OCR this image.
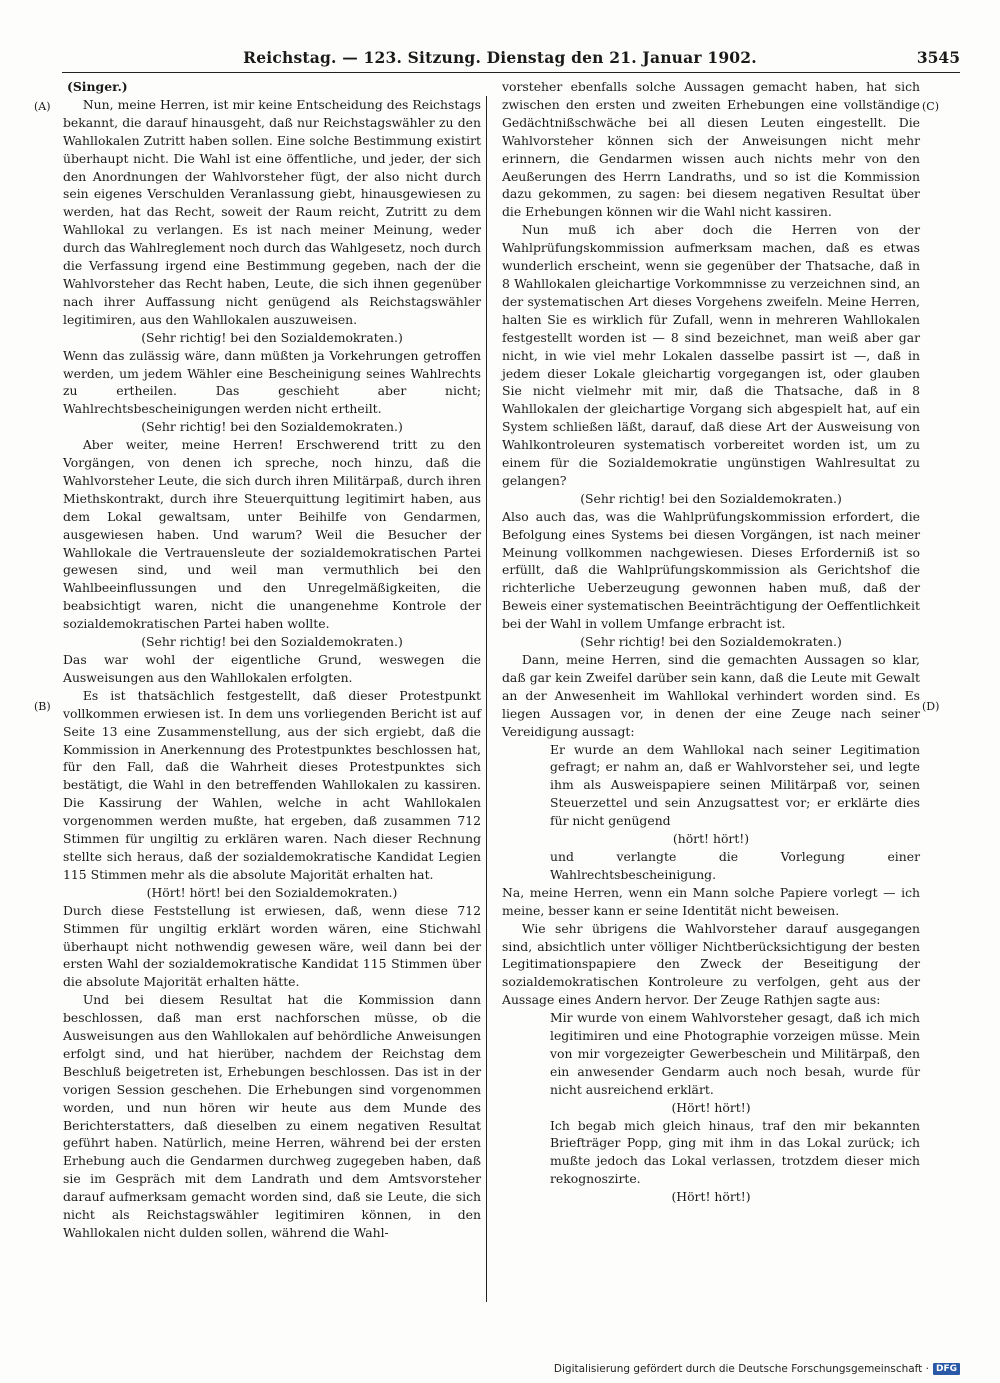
Reichstag. — 123. Sitzung. Dienstag den 21. Januar 1902.	3545
(A)
(B)
(C)
(D)
(Singer.)

Nun, meine Herren, ist mir keine Entscheidung des Reichstags bekannt, die darauf hinausgeht, daß nur Reichstagswähler zu den Wahllokalen Zutritt haben sollen. Eine solche Bestimmung existirt überhaupt nicht. Die Wahl ist eine öffentliche, und jeder, der sich den Anordnungen der Wahlvorsteher fügt, der also nicht durch sein eigenes Verschulden Veranlassung giebt, hinausgewiesen zu werden, hat das Recht, soweit der Raum reicht, Zutritt zu dem Wahllokal zu verlangen. Es ist nach meiner Meinung, weder durch das Wahlreglement noch durch das Wahlgesetz, noch durch die Verfassung irgend eine Bestimmung gegeben, nach der die Wahlvorsteher das Recht haben, Leute, die sich ihnen gegenüber nach ihrer Auffassung nicht genügend als Reichstagswähler legitimiren, aus den Wahllokalen auszuweisen.

(Sehr richtig! bei den Sozialdemokraten.)

Wenn das zulässig wäre, dann müßten ja Vorkehrungen getroffen werden, um jedem Wähler eine Bescheinigung seines Wahlrechts zu ertheilen. Das geschieht aber nicht; Wahlrechtsbescheinigungen werden nicht ertheilt.

(Sehr richtig! bei den Sozialdemokraten.)

Aber weiter, meine Herren! Erschwerend tritt zu den Vorgängen, von denen ich spreche, noch hinzu, daß die Wahlvorsteher Leute, die sich durch ihren Militärpaß, durch ihren Miethskontrakt, durch ihre Steuerquittung legitimirt haben, aus dem Lokal gewaltsam, unter Beihilfe von Gendarmen, ausgewiesen haben. Und warum? Weil die Besucher der Wahllokale die Vertrauensleute der sozialdemokratischen Partei gewesen sind, und weil man vermuthlich bei den Wahlbeeinflussungen und den Unregelmäßigkeiten, die beabsichtigt waren, nicht die unangenehme Kontrole der sozialdemokratischen Partei haben wollte.

(Sehr richtig! bei den Sozialdemokraten.)

Das war wohl der eigentliche Grund, weswegen die Ausweisungen aus den Wahllokalen erfolgten.

Es ist thatsächlich festgestellt, daß dieser Protestpunkt vollkommen erwiesen ist. In dem uns vorliegenden Bericht ist auf Seite 13 eine Zusammenstellung, aus der sich ergiebt, daß die Kommission in Anerkennung des Protestpunktes beschlossen hat, für den Fall, daß die Wahrheit dieses Protestpunktes sich bestätigt, die Wahl in den betreffenden Wahllokalen zu kassiren. Die Kassirung der Wahlen, welche in acht Wahllokalen vorgenommen werden mußte, hat ergeben, daß zusammen 712 Stimmen für ungiltig zu erklären waren. Nach dieser Rechnung stellte sich heraus, daß der sozialdemokratische Kandidat Legien 115 Stimmen mehr als die absolute Majorität erhalten hat.

(Hört! hört! bei den Sozialdemokraten.)

Durch diese Feststellung ist erwiesen, daß, wenn diese 712 Stimmen für ungiltig erklärt worden wären, eine Stichwahl überhaupt nicht nothwendig gewesen wäre, weil dann bei der ersten Wahl der sozialdemokratische Kandidat 115 Stimmen über die absolute Majorität erhalten hätte.

Und bei diesem Resultat hat die Kommission dann beschlossen, daß man erst nachforschen müsse, ob die Ausweisungen aus den Wahllokalen auf behördliche Anweisungen erfolgt sind, und hat hierüber, nachdem der Reichstag dem Beschluß beigetreten ist, Erhebungen beschlossen. Das ist in der vorigen Session geschehen. Die Erhebungen sind vorgenommen worden, und nun hören wir heute aus dem Munde des Berichterstatters, daß dieselben zu einem negativen Resultat geführt haben. Natürlich, meine Herren, während bei der ersten Erhebung auch die Gendarmen durchweg zugegeben haben, daß sie im Gespräch mit dem Landrath und dem Amtsvorsteher darauf aufmerksam gemacht worden sind, daß sie Leute, die sich nicht als Reichstagswähler legitimiren können, in den Wahllokalen nicht dulden sollen, während die Wahl-

vorsteher ebenfalls solche Aussagen gemacht haben, hat sich zwischen den ersten und zweiten Erhebungen eine vollständige Gedächtnißschwäche bei all diesen Leuten eingestellt. Die Wahlvorsteher können sich der Anweisungen nicht mehr erinnern, die Gendarmen wissen auch nichts mehr von den Aeußerungen des Herrn Landraths, und so ist die Kommission dazu gekommen, zu sagen: bei diesem negativen Resultat über die Erhebungen können wir die Wahl nicht kassiren.

Nun muß ich aber doch die Herren von der Wahlprüfungskommission aufmerksam machen, daß es etwas wunderlich erscheint, wenn sie gegenüber der Thatsache, daß in 8 Wahllokalen gleichartige Vorkommnisse zu verzeichnen sind, an der systematischen Art dieses Vorgehens zweifeln. Meine Herren, halten Sie es wirklich für Zufall, wenn in mehreren Wahllokalen festgestellt worden ist — 8 sind bezeichnet, man weiß aber gar nicht, in wie viel mehr Lokalen dasselbe passirt ist —, daß in jedem dieser Lokale gleichartig vorgegangen ist, oder glauben Sie nicht vielmehr mit mir, daß die Thatsache, daß in 8 Wahllokalen der gleichartige Vorgang sich abgespielt hat, auf ein System schließen läßt, darauf, daß diese Art der Ausweisung von Wahlkontroleuren systematisch vorbereitet worden ist, um zu einem für die Sozialdemokratie ungünstigen Wahlresultat zu gelangen?

(Sehr richtig! bei den Sozialdemokraten.)

Also auch das, was die Wahlprüfungskommission erfordert, die Befolgung eines Systems bei diesen Vorgängen, ist nach meiner Meinung vollkommen nachgewiesen. Dieses Erforderniß ist so erfüllt, daß die Wahlprüfungskommission als Gerichtshof die richterliche Ueberzeugung gewonnen haben muß, daß der Beweis einer systematischen Beeinträchtigung der Oeffentlichkeit bei der Wahl in vollem Umfange erbracht ist.

(Sehr richtig! bei den Sozialdemokraten.)

Dann, meine Herren, sind die gemachten Aussagen so klar, daß gar kein Zweifel darüber sein kann, daß die Leute mit Gewalt an der Anwesenheit im Wahllokal verhindert worden sind. Es liegen Aussagen vor, in denen der eine Zeuge nach seiner Vereidigung aussagt:

Er wurde an dem Wahllokal nach seiner Legitimation gefragt; er nahm an, daß er Wahlvorsteher sei, und legte ihm als Ausweispapiere seinen Militärpaß vor, seinen Steuerzettel und sein Anzugsattest vor; er erklärte dies für nicht genügend

(hört! hört!)

und verlangte die Vorlegung einer Wahlrechtsbescheinigung.

Na, meine Herren, wenn ein Mann solche Papiere vorlegt — ich meine, besser kann er seine Identität nicht beweisen.

Wie sehr übrigens die Wahlvorsteher darauf ausgegangen sind, absichtlich unter völliger Nichtberücksichtigung der besten Legitimationspapiere den Zweck der Beseitigung der sozialdemokratischen Kontroleure zu verfolgen, geht aus der Aussage eines Andern hervor. Der Zeuge Rathjen sagte aus:

Mir wurde von einem Wahlvorsteher gesagt, daß ich mich legitimiren und eine Photographie vorzeigen müsse. Mein von mir vorgezeigter Gewerbeschein und Militärpaß, den ein anwesender Gendarm auch noch besah, wurde für nicht ausreichend erklärt.

(Hört! hört!)

Ich begab mich gleich hinaus, traf den mir bekannten Briefträger Popp, ging mit ihm in das Lokal zurück; ich mußte jedoch das Lokal verlassen, trotzdem dieser mich rekognoszirte.

(Hört! hört!)

Digitalisierung gefördert durch die Deutsche Forschungsgemeinschaft · DFG
